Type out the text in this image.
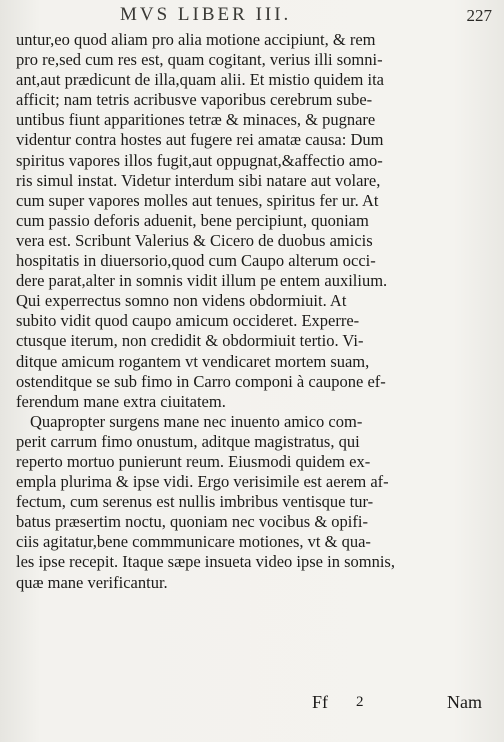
MVS LIBER III.	227
untur,eo quod aliam pro alia motione accipiunt, & rem
pro re,sed cum res est, quam cogitant, verius illi somni-
ant,aut prædicunt de illa,quam alii. Et mistio quidem ita
afficit; nam tetris acribusve vaporibus cerebrum sube-
untibus fiunt apparitiones tetræ & minaces, & pugnare
videntur contra hostes aut fugere rei amatæ causa: Dum
spiritus vapores illos fugit,aut oppugnat,&affectio amo-
ris simul instat. Videtur interdum sibi natare aut volare,
cum super vapores molles aut tenues, spiritus fer ur. At
cum passio deforis aduenit, bene percipiunt, quoniam
vera est. Scribunt Valerius & Cicero de duobus amicis
hospitatis in diuersorio,quod cum Caupo alterum occi-
dere parat,alter in somnis vidit illum pe entem auxilium.
Qui experrectus somno non videns obdormiuit. At
subito vidit quod caupo amicum occideret. Experre-
ctusque iterum, non credidit & obdormiuit tertio. Vi-
ditque amicum rogantem vt vendicaret mortem suam,
ostenditque se sub fimo in Carro componi à caupone ef-
ferendum mane extra ciuitatem.
Quapropter surgens mane nec inuento amico com-
perit carrum fimo onustum, aditque magistratus, qui
reperto mortuo punierunt reum. Eiusmodi quidem ex-
empla plurima & ipse vidi. Ergo verisimile est aerem af-
fectum, cum serenus est nullis imbribus ventisque tur-
batus præsertim noctu, quoniam nec vocibus & opifi-
ciis agitatur,bene commmunicare motiones, vt & qua-
les ipse recepit. Itaque sæpe insueta video ipse in somnis,
quæ mane verificantur.
Ff 2	Nam
